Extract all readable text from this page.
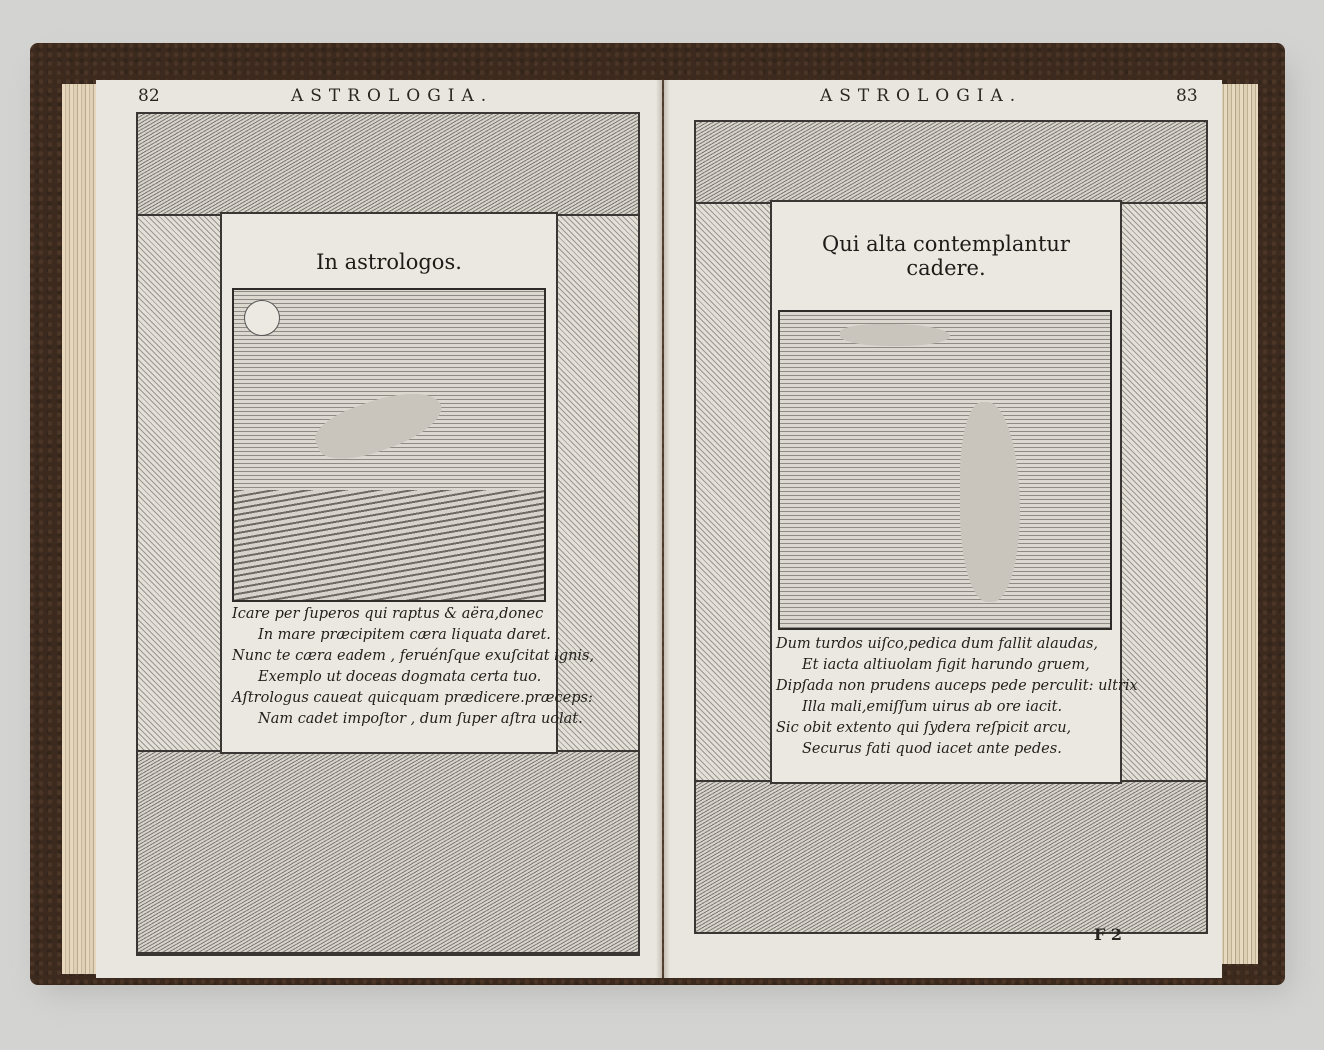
82	ASTROLOGIA.
In astrologos.
Icare per ſuperos qui raptus & aëra,donec
In mare præcipitem cæra liquata daret.
Nunc te cæra eadem , feruénſque exuſcitat ignis,
Exemplo ut doceas dogmata certa tuo.
Aſtrologus caueat quicquam prædicere.præceps:
Nam cadet impoſtor , dum ſuper aſtra uolat.
ASTROLOGIA.	83
Qui alta contemplantur
cadere.
Dum turdos uiſco,pedica dum fallit alaudas,
Et iacta altiuolam figit harundo gruem,
Dipſada non prudens auceps pede perculit: ultrix
Illa mali,emiſſum uirus ab ore iacit.
Sic obit extento qui ſydera reſpicit arcu,
Securus fati quod iacet ante pedes.
F 2
